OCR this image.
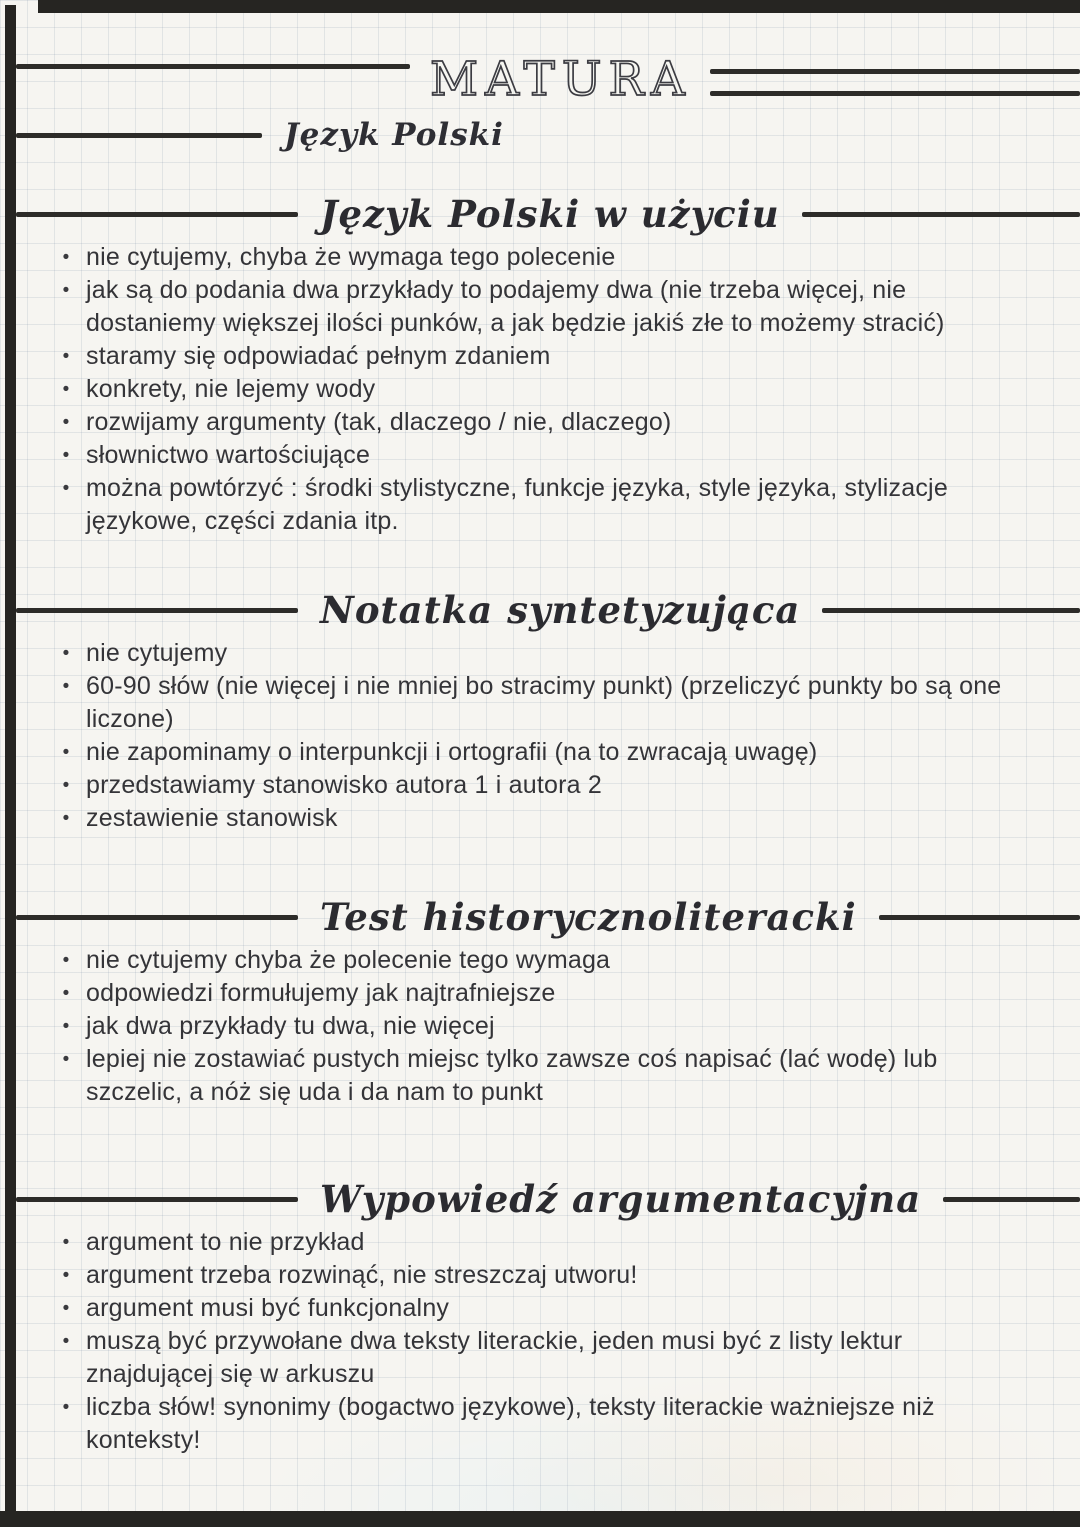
MATURA
Język Polski
Język Polski w użyciu
• nie cytujemy, chyba że wymaga tego polecenie
• jak są do podania dwa przykłady to podajemy dwa (nie trzeba więcej, nie dostaniemy większej ilości punków, a jak będzie jakiś złe to możemy stracić)
• staramy się odpowiadać pełnym zdaniem
• konkrety, nie lejemy wody
• rozwijamy argumenty (tak, dlaczego / nie, dlaczego)
• słownictwo wartościujące
• można powtórzyć : środki stylistyczne, funkcje języka, style języka, stylizacje językowe, części zdania itp.
Notatka syntetyzująca
• nie cytujemy
• 60-90 słów (nie więcej i nie mniej bo stracimy punkt) (przeliczyć punkty bo są one liczone)
• nie zapominamy o interpunkcji i ortografii (na to zwracają uwagę)
• przedstawiamy stanowisko autora 1 i autora 2
• zestawienie stanowisk
Test historycznoliteracki
• nie cytujemy chyba że polecenie tego wymaga
• odpowiedzi formułujemy jak najtrafniejsze
• jak dwa przykłady tu dwa, nie więcej
• lepiej nie zostawiać pustych miejsc tylko zawsze coś napisać (lać wodę) lub szczelic, a nóż się uda i da nam to punkt
Wypowiedź argumentacyjna
• argument to nie przykład
• argument trzeba rozwinąć, nie streszczaj utworu!
• argument musi być funkcjonalny
• muszą być przywołane dwa teksty literackie, jeden musi być z listy lektur znajdującej się w arkuszu
• liczba słów! synonimy (bogactwo językowe), teksty literackie ważniejsze niż konteksty!
